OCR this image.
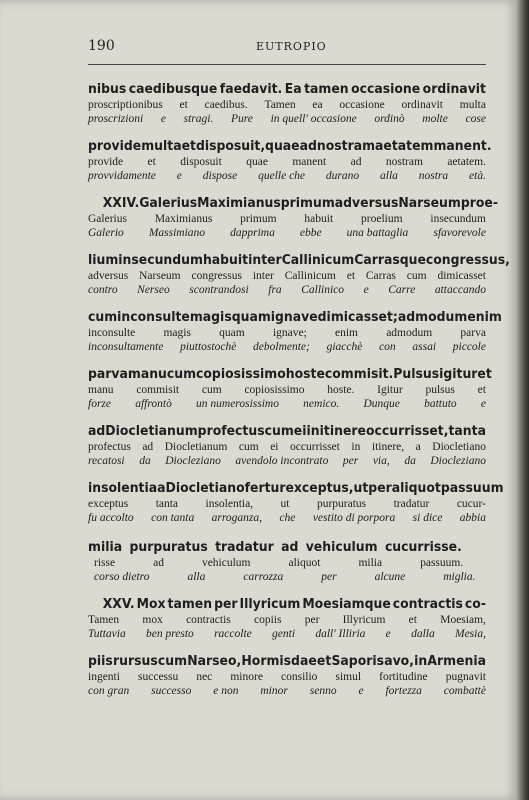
190	EUTROPIO
nibus caedibusque faedavit. Ea tamen occasione ordinavit
proscriptionibus et caedibus. Tamen ea occasione ordinavit multa
proscrizioni e stragi. Pure in quell' occasione ordinò molte cose
provide multa et disposuit, quae ad nostram aetatem manent.
provide et disposuit quae manent ad nostram aetatem.
provvidamente e dispose quelle che durano alla nostra età.
XXIV. Galerius Maximianus primum adversus Narseum proe-
Galerius Maximianus primum habuit proelium insecundum
Galerio Massimiano dapprima ebbe una battaglia sfavorevole
lium insecundum habuit inter Callinicum Carrasque congressus,
adversus Narseum congressus inter Callinicum et Carras cum dimicasset
contro Nerseo scontrandosi fra Callinico e Carre attaccando
cum inconsulte magis quam ignave dimicasset; admodum enim
inconsulte magis quam ignave; enim admodum parva
inconsultamente piuttostochè debolmente; giacchè con assai piccole
parva manu cum copiosissimo hoste commisit. Pulsus igitur et
manu commisit cum copiosissimo hoste. Igitur pulsus et
forze affrontò un numerosissimo nemico. Dunque battuto e
ad Diocletianum profectus cum ei in itinere occurrisset, tanta
profectus ad Diocletianum cum ei occurrisset in itinere, a Diocletiano
recatosi da Diocleziano avendolo incontrato per via, da Diocleziano
insolentia a Diocletiano fertur exceptus, ut per aliquot passuum
exceptus tanta insolentia, ut purpuratus tradatur cucur-
fu accolto con tanta arroganza, che vestito di porpora si dice abbia
milia purpuratus tradatur ad vehiculum cucurrisse.
risse	ad	vehiculum	aliquot	milia	passuum.
corso dietro	alla	carrozza	per	alcune	miglia.
XXV. Mox tamen per Illyricum Moesiamque contractis co-
Tamen mox contractis copiis per Illyricum et Moesiam,
Tuttavia ben presto raccolte genti dall' Illiria e dalla Mesia,
piis rursus cum Narseo, Hormisdae et Saporis avo, in Armenia
ingenti successu nec minore consilio simul fortitudine pugnavit
con gran successo e non minor senno e fortezza combattè
